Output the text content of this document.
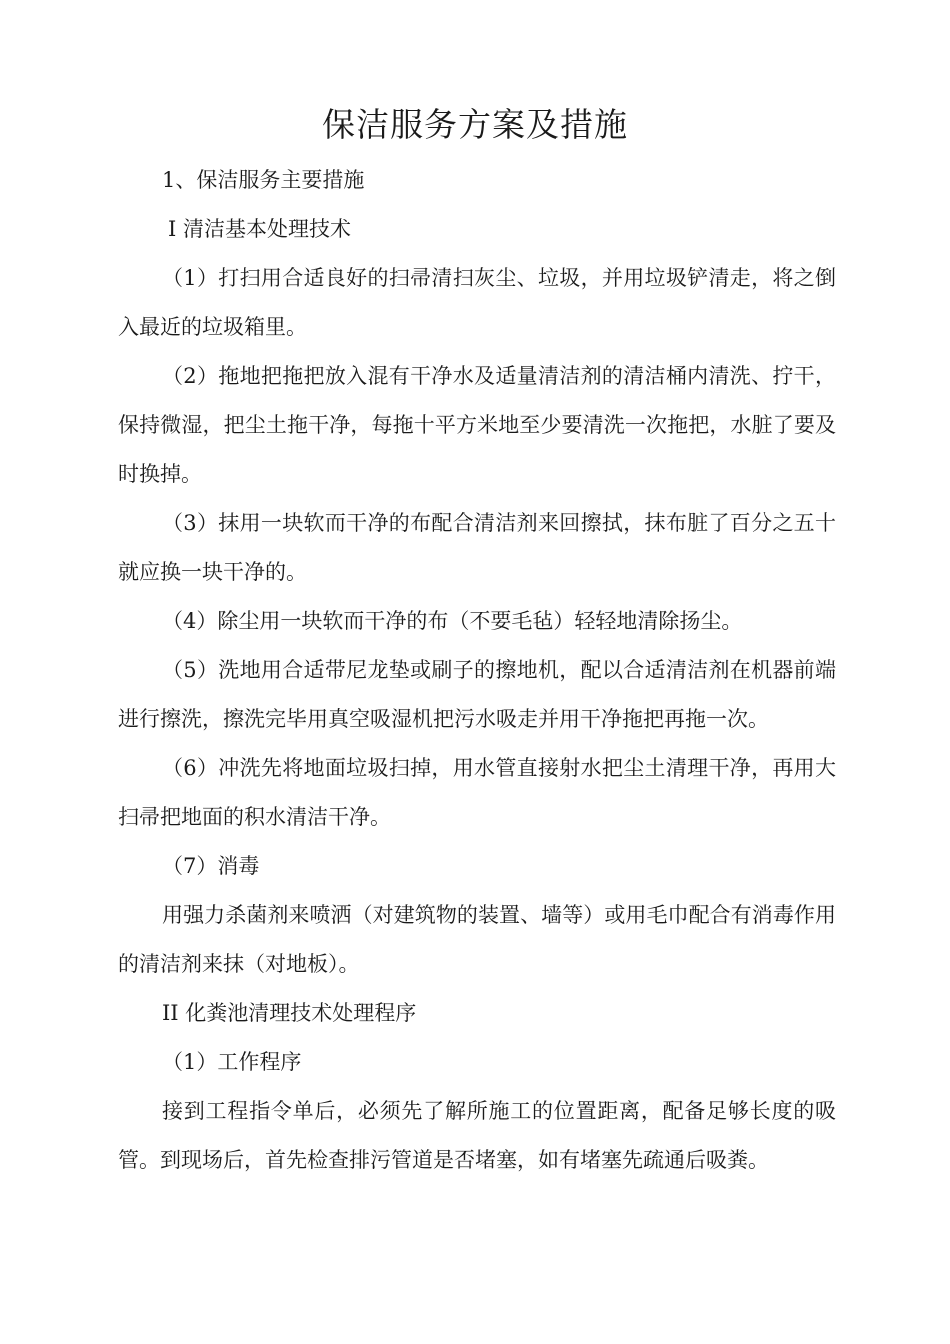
保洁服务方案及措施

1、保洁服务主要措施

I 清洁基本处理技术

（1）打扫用合适良好的扫帚清扫灰尘、垃圾，并用垃圾铲清走，将之倒入最近的垃圾箱里。

（2）拖地把拖把放入混有干净水及适量清洁剂的清洁桶内清洗、拧干，保持微湿，把尘土拖干净，每拖十平方米地至少要清洗一次拖把，水脏了要及时换掉。

（3）抹用一块软而干净的布配合清洁剂来回擦拭，抹布脏了百分之五十就应换一块干净的。

（4）除尘用一块软而干净的布（不要毛毡）轻轻地清除扬尘。

（5）洗地用合适带尼龙垫或刷子的擦地机，配以合适清洁剂在机器前端进行擦洗，擦洗完毕用真空吸湿机把污水吸走并用干净拖把再拖一次。

（6）冲洗先将地面垃圾扫掉，用水管直接射水把尘土清理干净，再用大扫帚把地面的积水清洁干净。

（7）消毒

用强力杀菌剂来喷洒（对建筑物的装置、墙等）或用毛巾配合有消毒作用的清洁剂来抹（对地板）。

II 化粪池清理技术处理程序

（1）工作程序

接到工程指令单后，必须先了解所施工的位置距离，配备足够长度的吸管。到现场后，首先检查排污管道是否堵塞，如有堵塞先疏通后吸粪。
